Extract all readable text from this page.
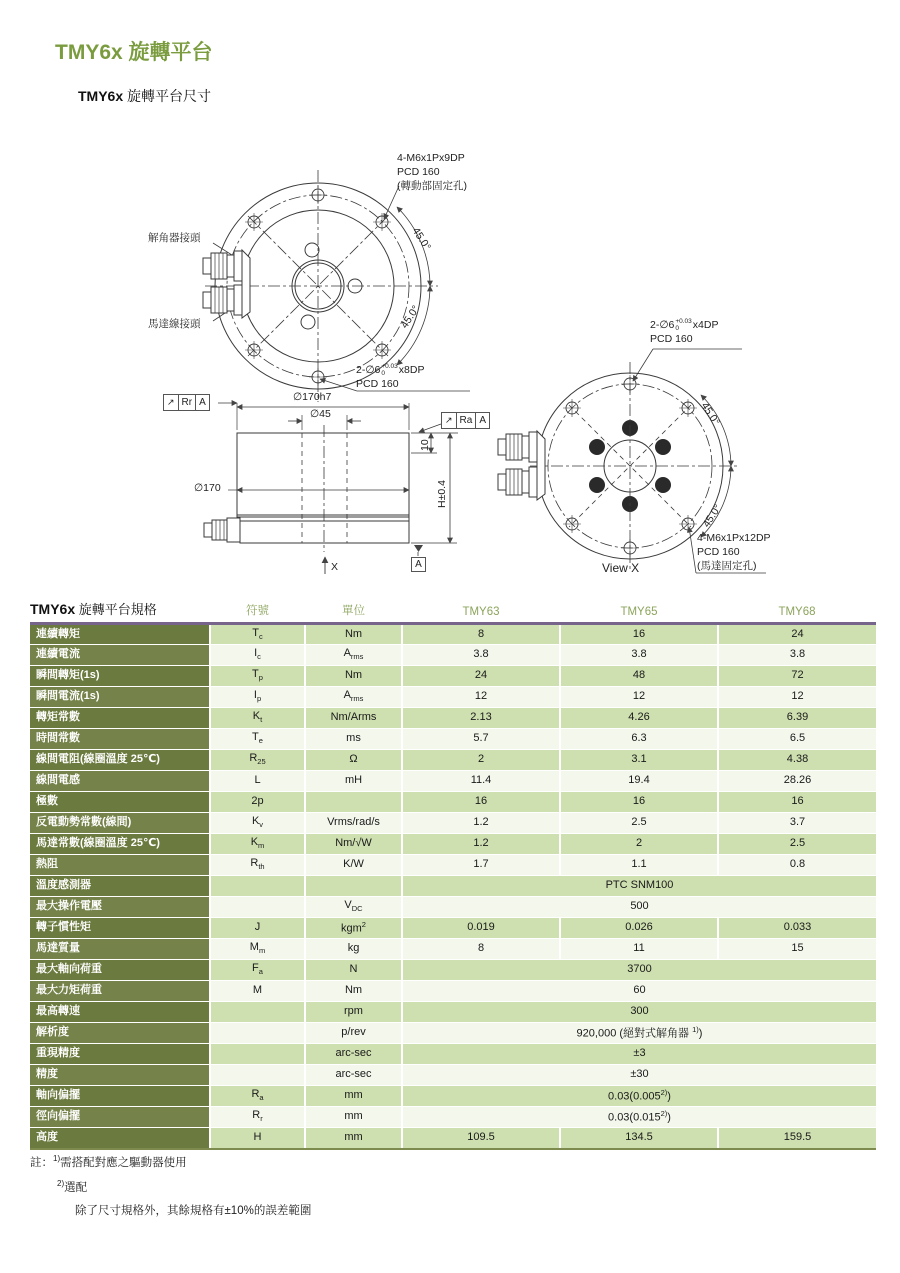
TMY6x 旋轉平台
TMY6x 旋轉平台尺寸
4-M6x1Px9DP
PCD 160
(轉動部固定孔)
解角器接頭
馬達線接頭
45.0°
45.0°
2-∅6 +0.03
0	x8DP
PCD 160
∅170h7
∅45
∅170
10
H±0.4
X
↗ Rr A
↗ Ra A
A
2-∅6 +0.03
0	x4DP
PCD 160
45.0°
45.0°
4-M6x1Px12DP
PCD 160
(馬達固定孔)
View X
TMY6x 旋轉平台規格	符號	單位	TMY63	TMY65	TMY68
連續轉矩	$T_c$	Nm	8	16	24
連續電流	$I_c$	$A_{rms}$	3.8	3.8	3.8
瞬間轉矩(1s)	$T_p$	Nm	24	48	72
瞬間電流(1s)	$I_p$	$A_{rms}$	12	12	12
轉矩常數	$K_t$	Nm/Arms	2.13	4.26	6.39
時間常數	$T_e$	ms	5.7	6.3	6.5
線間電阻(線圈溫度 25℃)	$R_{25}$	Ω	2	3.1	4.38
線間電感	L	mH	11.4	19.4	28.26
極數	2p		16	16	16
反電動勢常數(線間)	$K_v$	Vrms/rad/s	1.2	2.5	3.7
馬達常數(線圈溫度 25℃)	$K_m$	Nm/√W	1.2	2	2.5
熱阻	$R_{th}$	K/W	1.7	1.1	0.8
溫度感測器			PTC SNM100		
最大操作電壓		$V_{DC}$	500		
轉子慣性矩	J	kgm$^2$	0.019	0.026	0.033
馬達質量	$M_m$	kg	8	11	15
最大軸向荷重	$F_a$	N	3700		
最大力矩荷重	M	Nm	60		
最高轉速		rpm	300		
解析度		p/rev	920,000 (絕對式解角器 $^{1)}$)		
重現精度		arc-sec	±3		
精度		arc-sec	±30		
軸向偏擺	$R_a$	mm	0.03(0.005$^{2)}$)		
徑向偏擺	$R_r$	mm	0.03(0.015$^{2)}$)		
高度	H	mm	109.5	134.5	159.5
註：$^{1)}$需搭配對應之驅動器使用
$^{2)}$選配
除了尺寸規格外，其餘規格有±10%的誤差範圍
